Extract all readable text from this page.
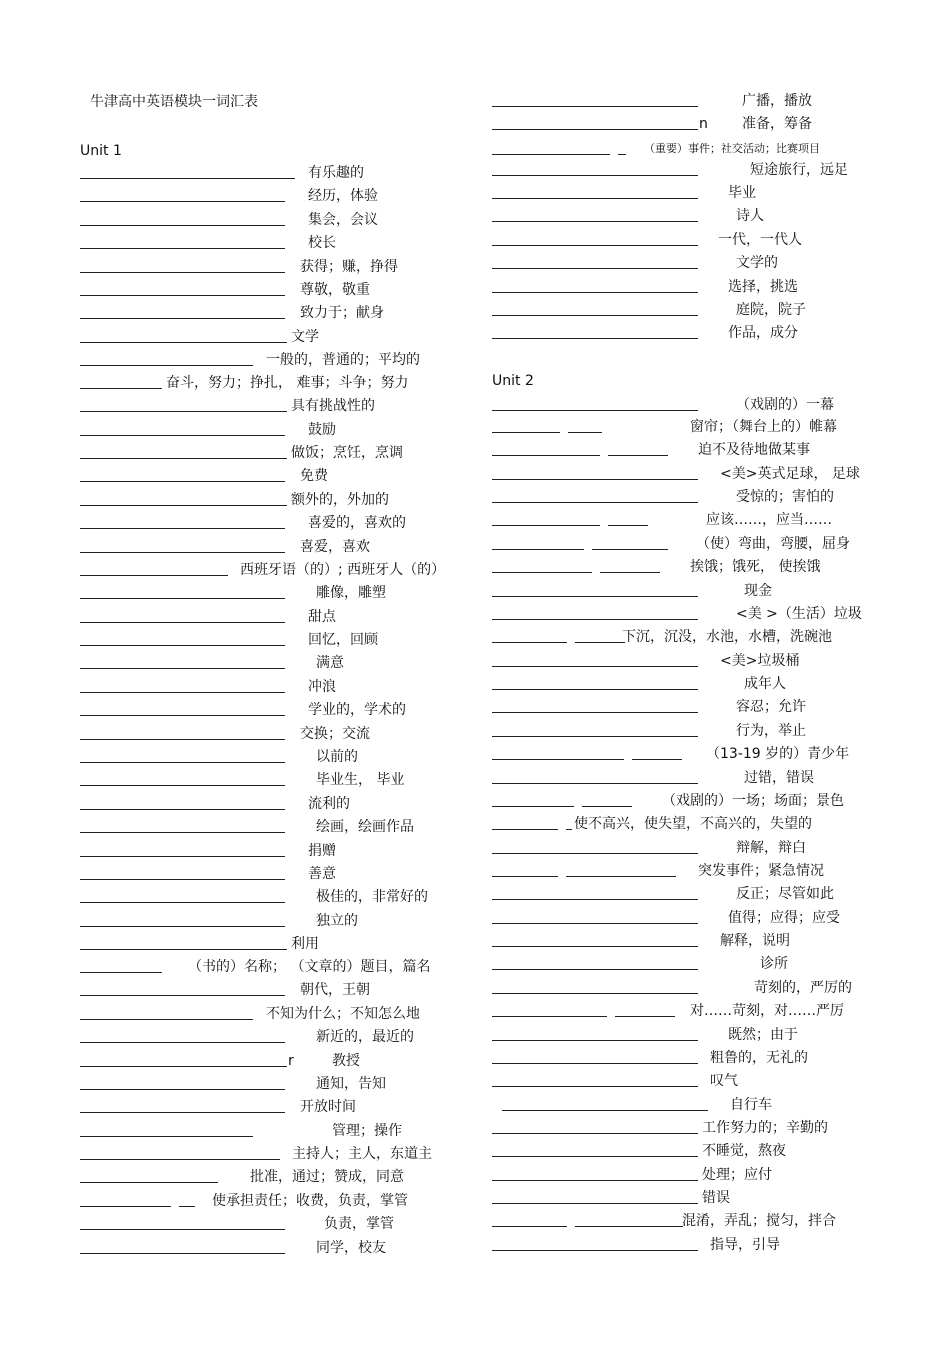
牛津高中英语模块一词汇表
Unit 1
有乐趣的
经历，体验
集会，会议
校长
获得；赚，挣得
尊敬，敬重
致力于；献身
文学
一般的，普通的；平均的
奋斗，努力；挣扎， 难事；斗争；努力
具有挑战性的
鼓励
做饭；烹饪，烹调
免费
额外的，外加的
喜爱的，喜欢的
喜爱，喜欢
西班牙语（的）; 西班牙人（的）
雕像，雕塑
甜点
回忆，回顾
满意
冲浪
学业的，学术的
交换；交流
以前的
毕业生， 毕业
流利的
绘画，绘画作品
捐赠
善意
极佳的，非常好的
独立的
利用
（书的）名称； （文章的）题目，篇名
朝代，王朝
不知为什么；不知怎么地
新近的，最近的
r	教授
通知，告知
开放时间
管理；操作
主持人；主人，东道主
批准，通过；赞成，同意
使承担责任；收费，负责，掌管
负责，掌管
同学，校友
广播，播放
n 准备，筹备
（重要）事件；社交活动；比赛项目
短途旅行，远足
毕业
诗人
一代，一代人
文学的
选择，挑选
庭院，院子
作品，成分
Unit 2
（戏剧的）一幕
窗帘；（舞台上的）帷幕
迫不及待地做某事
<美>英式足球， 足球
受惊的；害怕的
应该……，应当……
（使）弯曲，弯腰，屈身
挨饿；饿死， 使挨饿
现金
<美 >（生活）垃圾
下沉，沉没，水池，水槽，洗碗池
<美>垃圾桶
成年人
容忍；允许
行为，举止
（13-19 岁的）青少年
过错，错误
（戏剧的）一场；场面；景色
使不高兴，使失望，不高兴的，失望的
辩解，辩白
突发事件；紧急情况
反正；尽管如此
值得；应得；应受
解释，说明
诊所
苛刻的，严厉的
对……苛刻，对……严厉
既然；由于
粗鲁的，无礼的
叹气
自行车
工作努力的；辛勤的
不睡觉，熬夜
处理；应付
错误
混淆，弄乱；搅匀，拌合
指导，引导
